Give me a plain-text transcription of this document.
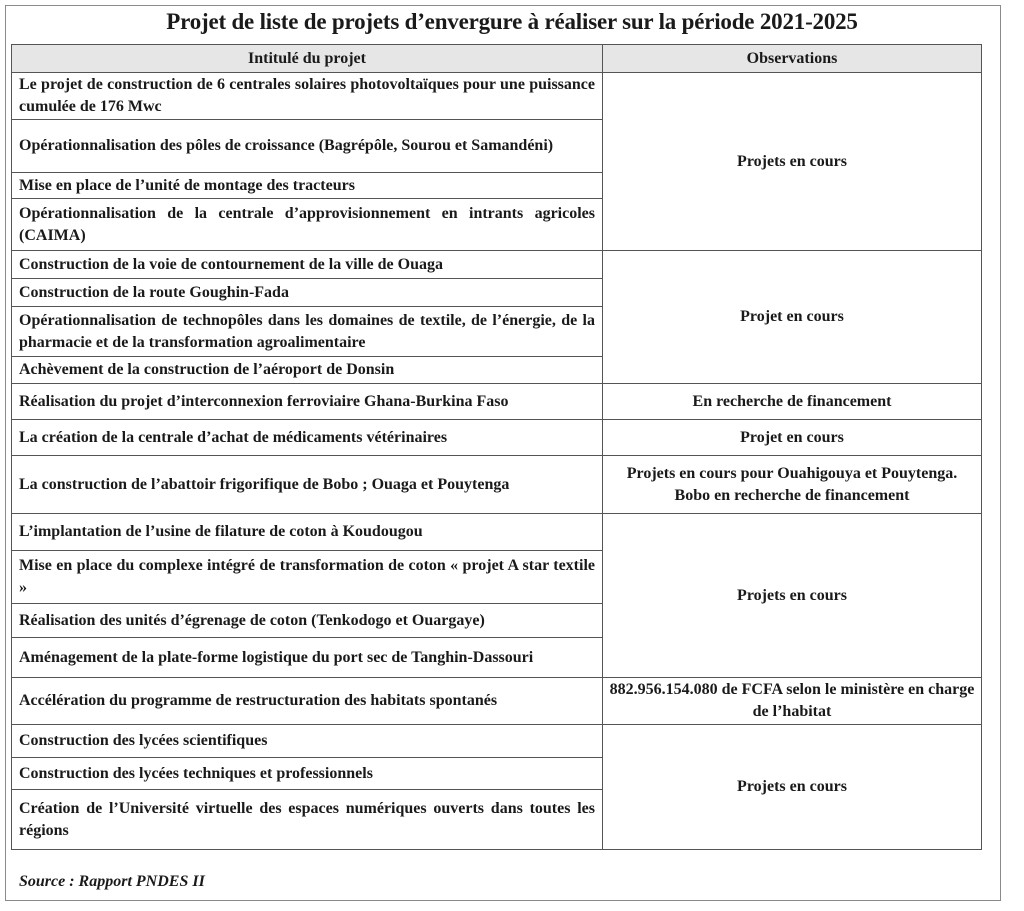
Projet de liste de projets d’envergure à réaliser sur la période 2021-2025
Intitulé du projet	Observations
Le projet de construction de 6 centrales solaires photovoltaïques pour une puissance cumulée de 176 Mwc	Projets en cours
Opérationnalisation des pôles de croissance (Bagrépôle, Sourou et Samandéni)	
Mise en place de l’unité de montage des tracteurs	
Opérationnalisation de la centrale d’approvisionnement en intrants agricoles (CAIMA)	
Construction de la voie de contournement de la ville de Ouaga	Projet en cours
Construction de la route Goughin-Fada	
Opérationnalisation de technopôles dans les domaines de textile, de l’énergie, de la pharmacie et de la transformation agroalimentaire	
Achèvement de la construction de l’aéroport de Donsin	
Réalisation du projet d’interconnexion ferroviaire Ghana-Burkina Faso	En recherche de financement
La création de la centrale d’achat de médicaments vétérinaires	Projet en cours
La construction de l’abattoir frigorifique de Bobo ; Ouaga et Pouytenga	Projets en cours pour Ouahigouya et Pouytenga. Bobo en recherche de financement
L’implantation de l’usine de filature de coton à Koudougou	Projets en cours
Mise en place du complexe intégré de transformation de coton « projet A star textile »	
Réalisation des unités d’égrenage de coton (Tenkodogo et Ouargaye)	
Aménagement de la plate-forme logistique du port sec de Tanghin-Dassouri	
Accélération du programme de restructuration des habitats spontanés	882.956.154.080 de FCFA selon le ministère en charge de l’habitat
Construction des lycées scientifiques	Projets en cours
Construction des lycées techniques et professionnels	
Création de l’Université virtuelle des espaces numériques ouverts dans toutes les régions	
Source : Rapport PNDES II
